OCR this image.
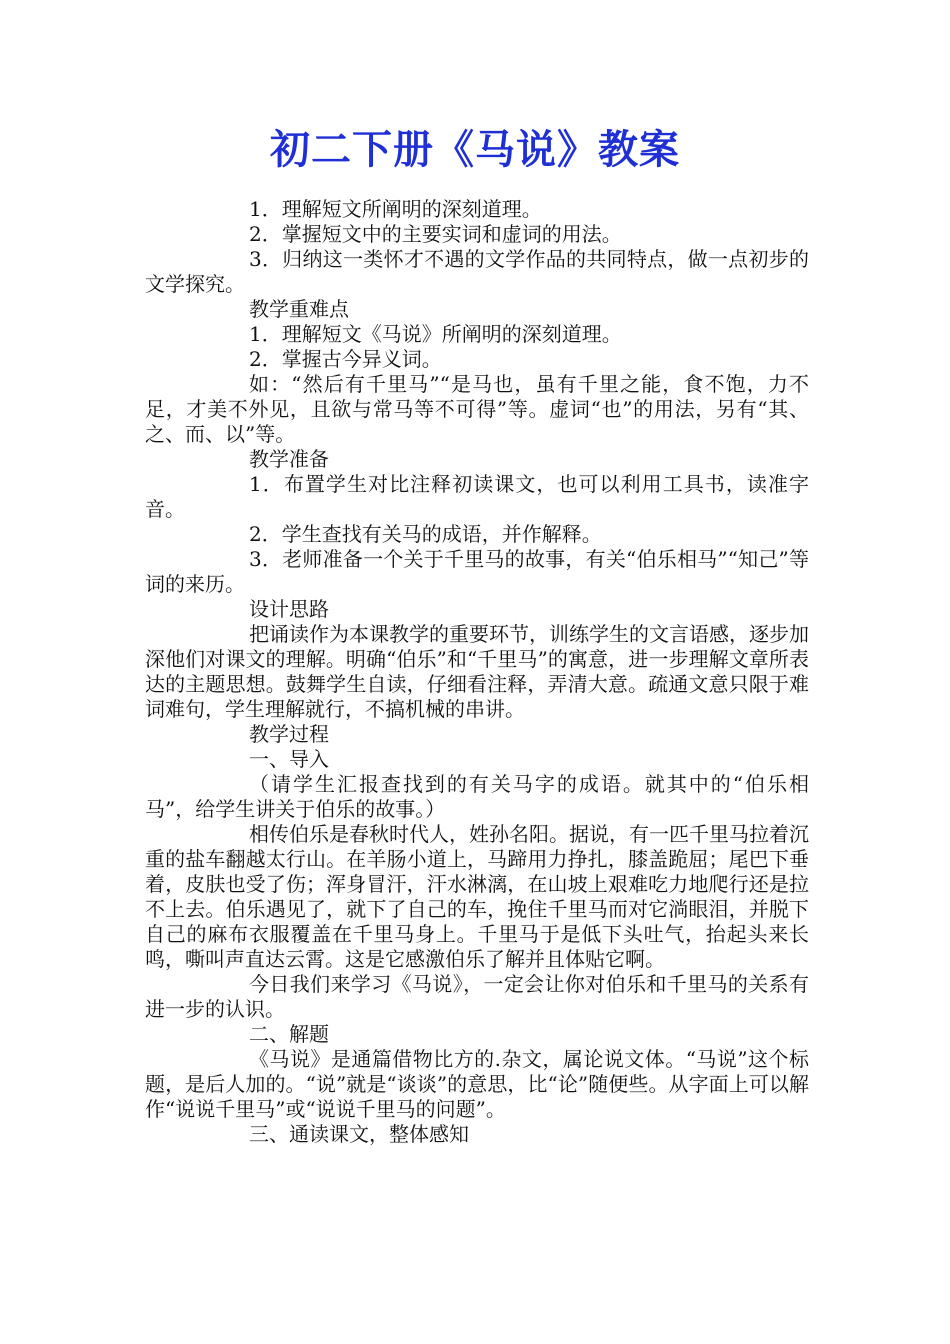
初二下册《马说》教案

1．理解短文所阐明的深刻道理。

2．掌握短文中的主要实词和虚词的用法。

3．归纳这一类怀才不遇的文学作品的共同特点，做一点初步的文学探究。

教学重难点

1．理解短文《马说》所阐明的深刻道理。

2．掌握古今异义词。

如：“然后有千里马”“是马也，虽有千里之能，食不饱，力不足，才美不外见，且欲与常马等不可得”等。虚词“也”的用法，另有“其、之、而、以”等。

教学准备

1．布置学生对比注释初读课文，也可以利用工具书，读准字音。

2．学生查找有关马的成语，并作解释。

3．老师准备一个关于千里马的故事，有关“伯乐相马”“知己”等词的来历。

设计思路

把诵读作为本课教学的重要环节，训练学生的文言语感，逐步加深他们对课文的理解。明确“伯乐”和“千里马”的寓意，进一步理解文章所表达的主题思想。鼓舞学生自读，仔细看注释，弄清大意。疏通文意只限于难词难句，学生理解就行，不搞机械的串讲。

教学过程

一、导入

（请学生汇报查找到的有关马字的成语。就其中的“伯乐相马”，给学生讲关于伯乐的故事。）

相传伯乐是春秋时代人，姓孙名阳。据说，有一匹千里马拉着沉重的盐车翻越太行山。在羊肠小道上，马蹄用力挣扎，膝盖跪屈；尾巴下垂着，皮肤也受了伤；浑身冒汗，汗水淋漓，在山坡上艰难吃力地爬行还是拉不上去。伯乐遇见了，就下了自己的车，挽住千里马而对它淌眼泪，并脱下自己的麻布衣服覆盖在千里马身上。千里马于是低下头吐气，抬起头来长鸣，嘶叫声直达云霄。这是它感激伯乐了解并且体贴它啊。

今日我们来学习《马说》，一定会让你对伯乐和千里马的关系有进一步的认识。

二、解题

《马说》是通篇借物比方的.杂文，属论说文体。“马说”这个标题，是后人加的。“说”就是“谈谈”的意思，比“论”随便些。从字面上可以解作“说说千里马”或“说说千里马的问题”。

三、通读课文，整体感知
